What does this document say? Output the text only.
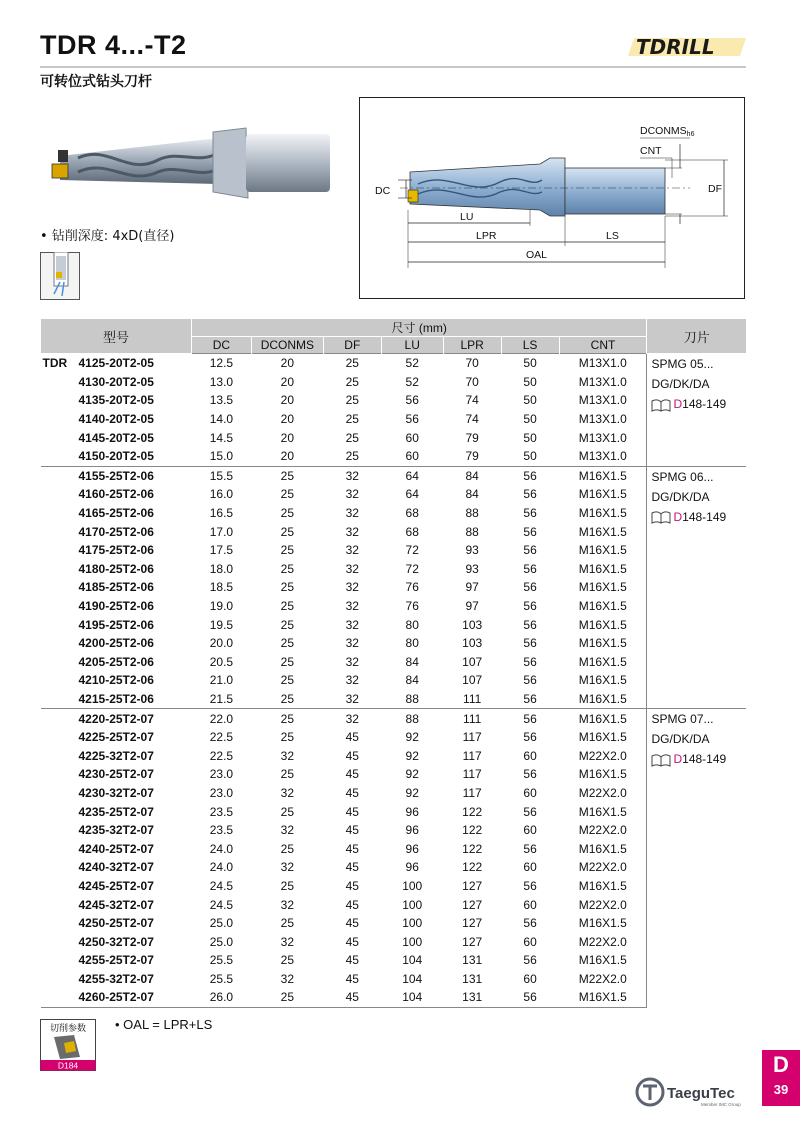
TDR 4...-T2
可转位式钻头刀杆
TDRILL
• 钻削深度: 4xD(直径)
DC	DF
DCONMSh6
CNT
LU
LPR	LS
OAL
型号	尺寸 (mm)							刀片
	DC	DCONMS	DF	LU	LPR	LS	CNT	
TDR 4125-20T2-05	12.5	20	25	52	70	50	M13X1.0	SPMG 05...
DG/DK/DA
D148-149

4130-20T2-05	13.0	20	25	52	70	50	M13X1.0	
4135-20T2-05	13.5	20	25	56	74	50	M13X1.0	
4140-20T2-05	14.0	20	25	56	74	50	M13X1.0	
4145-20T2-05	14.5	20	25	60	79	50	M13X1.0	
4150-20T2-05	15.0	20	25	60	79	50	M13X1.0	
4155-25T2-06	15.5	25	32	64	84	56	M16X1.5	SPMG 06...
DG/DK/DA
D148-149

4160-25T2-06	16.0	25	32	64	84	56	M16X1.5	
4165-25T2-06	16.5	25	32	68	88	56	M16X1.5	
4170-25T2-06	17.0	25	32	68	88	56	M16X1.5	
4175-25T2-06	17.5	25	32	72	93	56	M16X1.5	
4180-25T2-06	18.0	25	32	72	93	56	M16X1.5	
4185-25T2-06	18.5	25	32	76	97	56	M16X1.5	
4190-25T2-06	19.0	25	32	76	97	56	M16X1.5	
4195-25T2-06	19.5	25	32	80	103	56	M16X1.5	
4200-25T2-06	20.0	25	32	80	103	56	M16X1.5	
4205-25T2-06	20.5	25	32	84	107	56	M16X1.5	
4210-25T2-06	21.0	25	32	84	107	56	M16X1.5	
4215-25T2-06	21.5	25	32	88	111	56	M16X1.5	
4220-25T2-07	22.0	25	32	88	111	56	M16X1.5	SPMG 07...
DG/DK/DA
D148-149

4225-25T2-07	22.5	25	45	92	117	56	M16X1.5	
4225-32T2-07	22.5	32	45	92	117	60	M22X2.0	
4230-25T2-07	23.0	25	45	92	117	56	M16X1.5	
4230-32T2-07	23.0	32	45	92	117	60	M22X2.0	
4235-25T2-07	23.5	25	45	96	122	56	M16X1.5	
4235-32T2-07	23.5	32	45	96	122	60	M22X2.0	
4240-25T2-07	24.0	25	45	96	122	56	M16X1.5	
4240-32T2-07	24.0	32	45	96	122	60	M22X2.0	
4245-25T2-07	24.5	25	45	100	127	56	M16X1.5	
4245-32T2-07	24.5	32	45	100	127	60	M22X2.0	
4250-25T2-07	25.0	25	45	100	127	56	M16X1.5	
4250-32T2-07	25.0	32	45	100	127	60	M22X2.0	
4255-25T2-07	25.5	25	45	104	131	56	M16X1.5	
4255-32T2-07	25.5	32	45	104	131	60	M22X2.0	
4260-25T2-07	26.0	25	45	104	131	56	M16X1.5	
• OAL = LPR+LS
切削参数
D184
TaeguTec
Member IMC Group
D
39
